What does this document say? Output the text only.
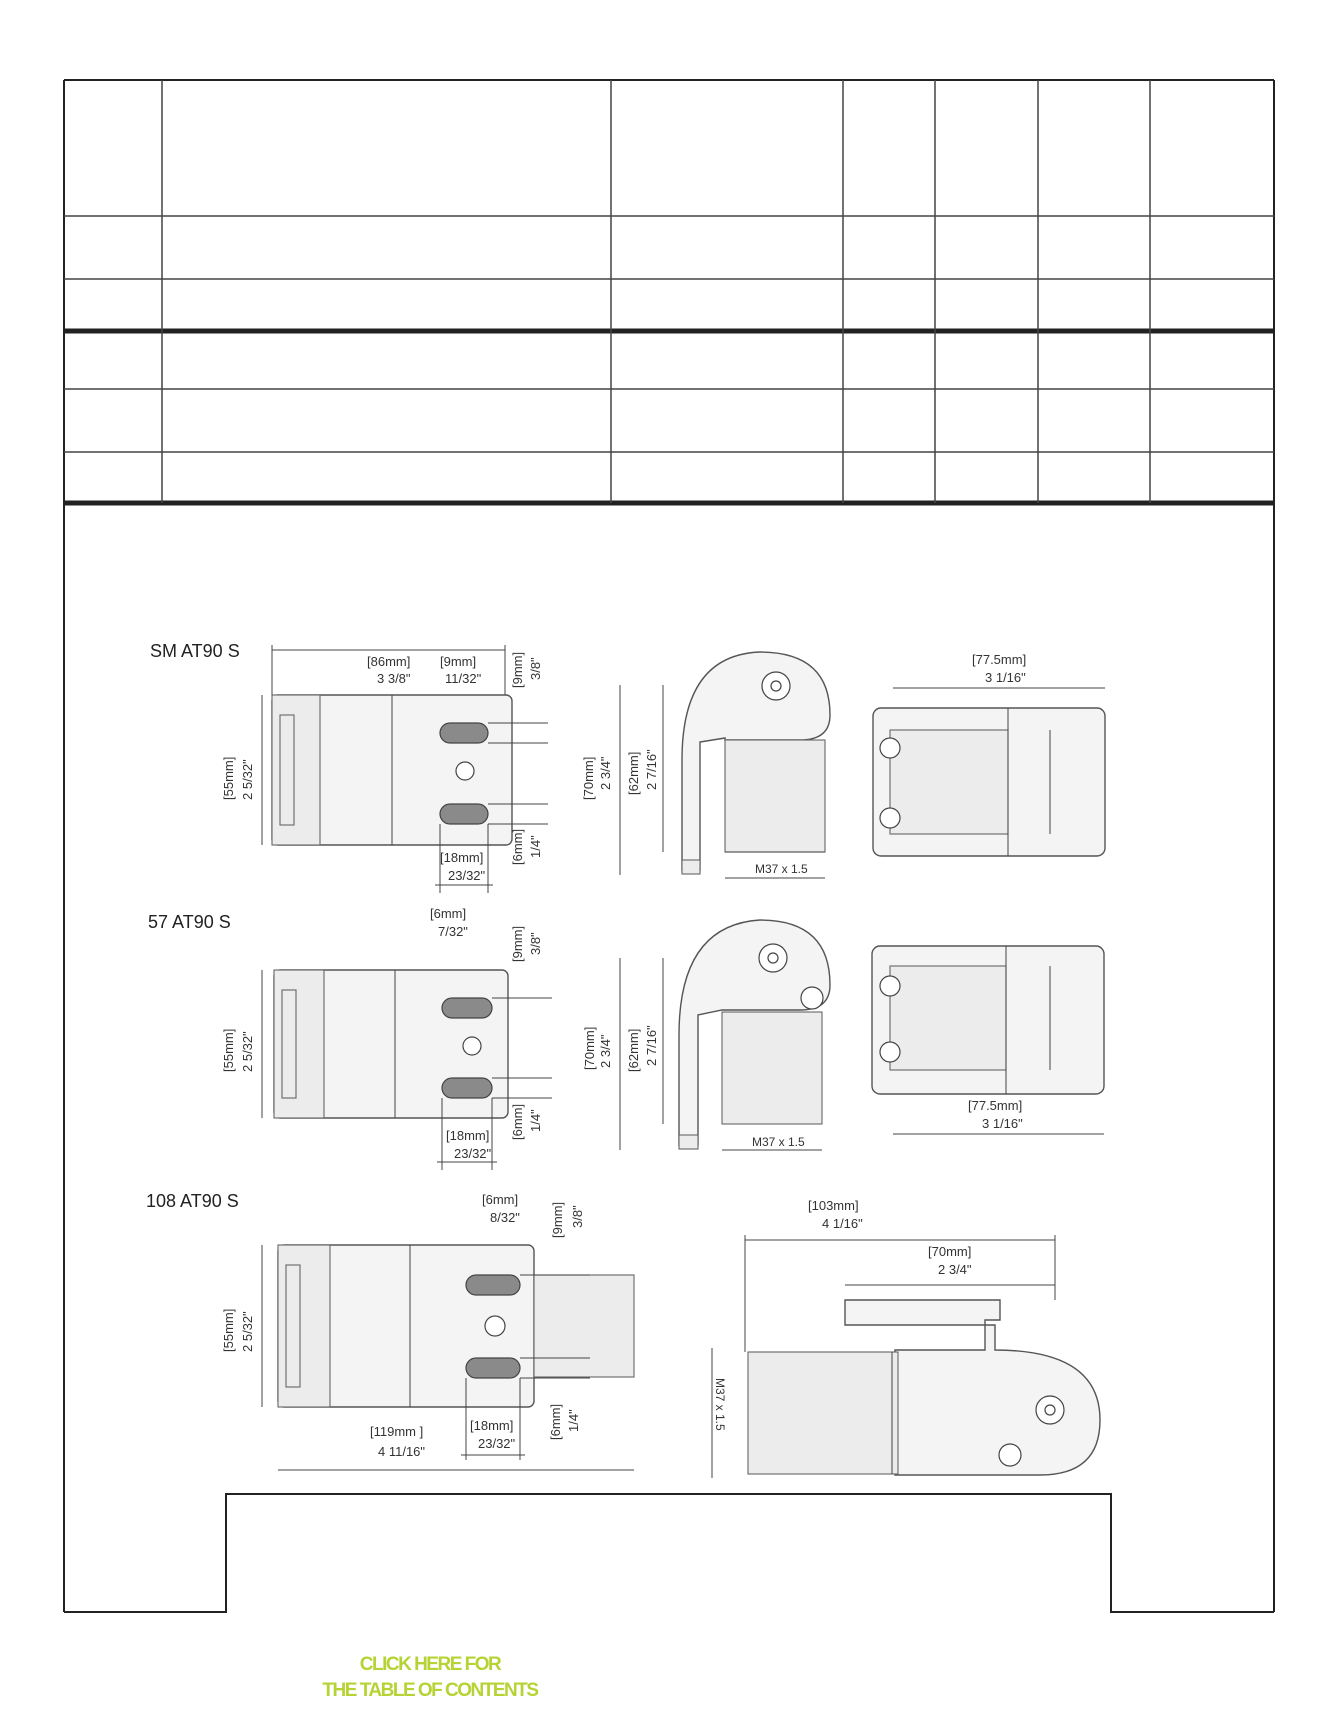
SM AT90 S
[86mm]
3 3/8"
[9mm]
11/32" [9mm] 3/8"
[55mm] 2 5/32"
[18mm]
23/32"
[6mm] 1/4"
[70mm] 2 3/4" [62mm] 2 7/16"
M37 x 1.5
[77.5mm]
3 1/16"
57 AT90 S	[6mm]
7/32"	[9mm] 3/8"
[55mm] 2 5/32"
[18mm]
23/32"
[6mm] 1/4"
[70mm] 2 3/4" [62mm] 2 7/16"
M37 x 1.5
[77.5mm]
3 1/16"
108 AT90 S	[6mm]
8/32" [9mm] 3/8"
[55mm] 2 5/32"
[119mm ]
4 11/16"
[18mm]
23/32"
[6mm] 1/4"
[103mm]
4 1/16"
[70mm]
2 3/4"
M37 x 1.5
CLICK HERE FOR
THE TABLE OF CONTENTS
